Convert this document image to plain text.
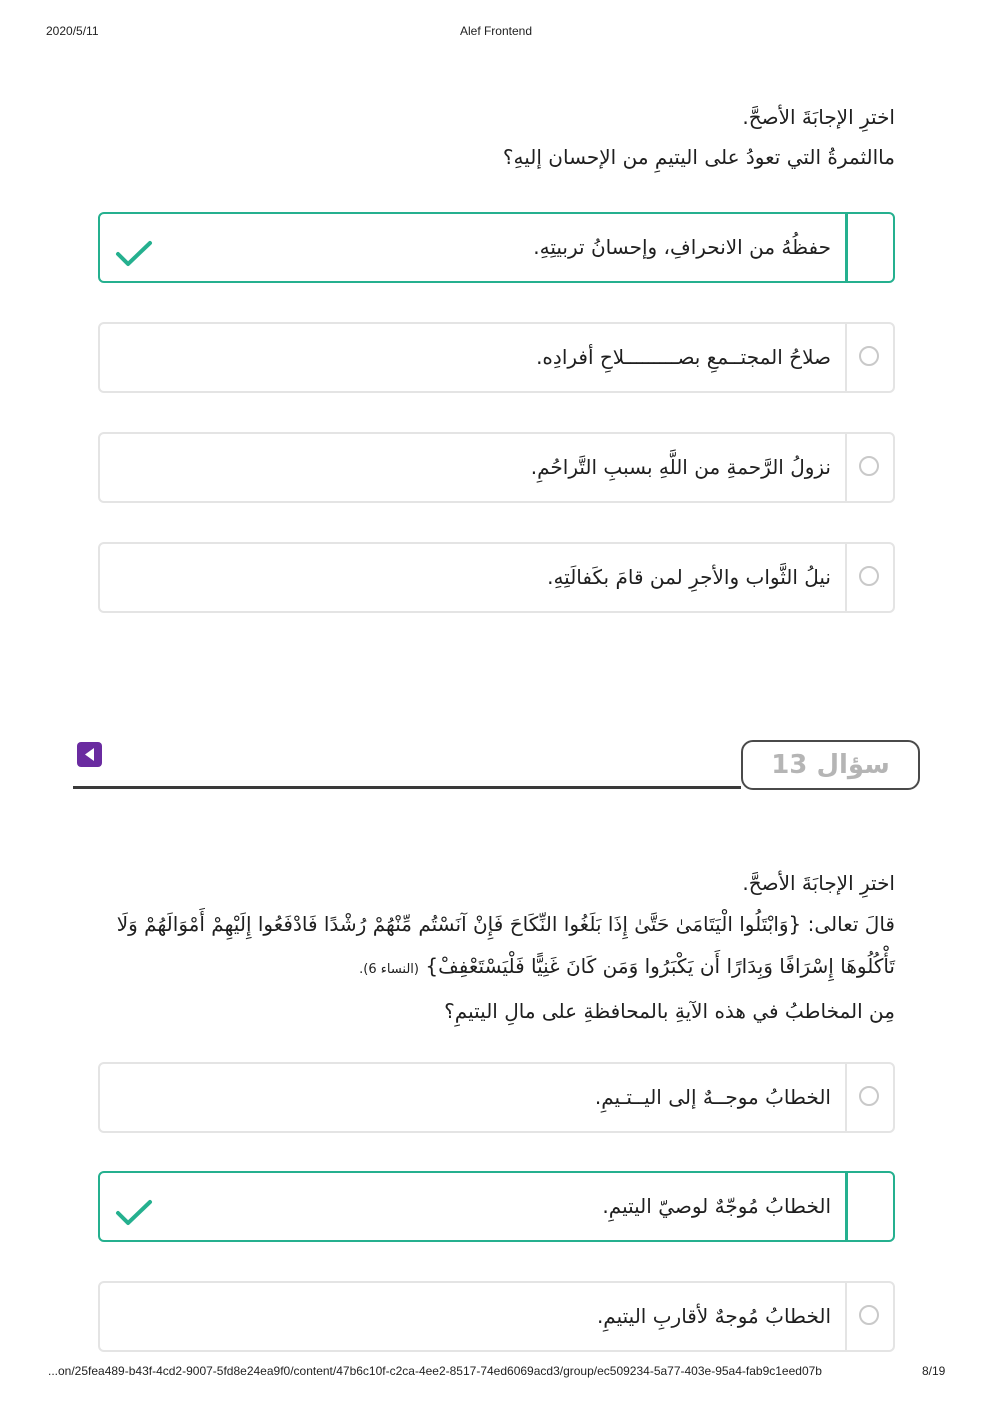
2020/5/11	Alef Frontend

اخترِ الإجابَةَ الأصحَّ.

ماالثمرةُ التي تعودُ على اليتيمِ من الإحسان إليهِ؟

حفظُهُ من الانحرافِ، وإحسانُ تربيتِهِ.
صلاحُ المجتــمعِ بصـــــــــلاحِ أفرادِه.
نزولُ الرَّحمةِ من اللَّهِ بسببِ التَّراحُمِ.
نيلُ الثَّواب والأجرِ لمن قامَ بكَفالَتِهِ.
سؤال 13

اخترِ الإجابَةَ الأصحَّ.

قالَ تعالى: {وَابْتَلُوا الْيَتَامَىٰ حَتَّىٰ إِذَا بَلَغُوا النِّكَاحَ فَإِنْ آنَسْتُم مِّنْهُمْ رُشْدًا فَادْفَعُوا إِلَيْهِمْ أَمْوَالَهُمْ وَلَا

تَأْكُلُوهَا إِسْرَافًا وَبِدَارًا أَن يَكْبَرُوا وَمَن كَانَ غَنِيًّا فَلْيَسْتَعْفِفْ} (النساء 6).

مِن المخاطبُ في هذه الآيةِ بالمحافظةِ على مالِ اليتيمِ؟

الخطابُ موجــهٌ إلى اليــتـيمِ.
الخطابُ مُوجّهٌ لوصيّ اليتيمِ.
الخطابُ مُوجهٌ لأقاربِ اليتيمِ.
...on/25fea489-b43f-4cd2-9007-5fd8e24ea9f0/content/47b6c10f-c2ca-4ee2-8517-74ed6069acd3/group/ec509234-5a77-403e-95a4-fab9c1eed07b	8/19
